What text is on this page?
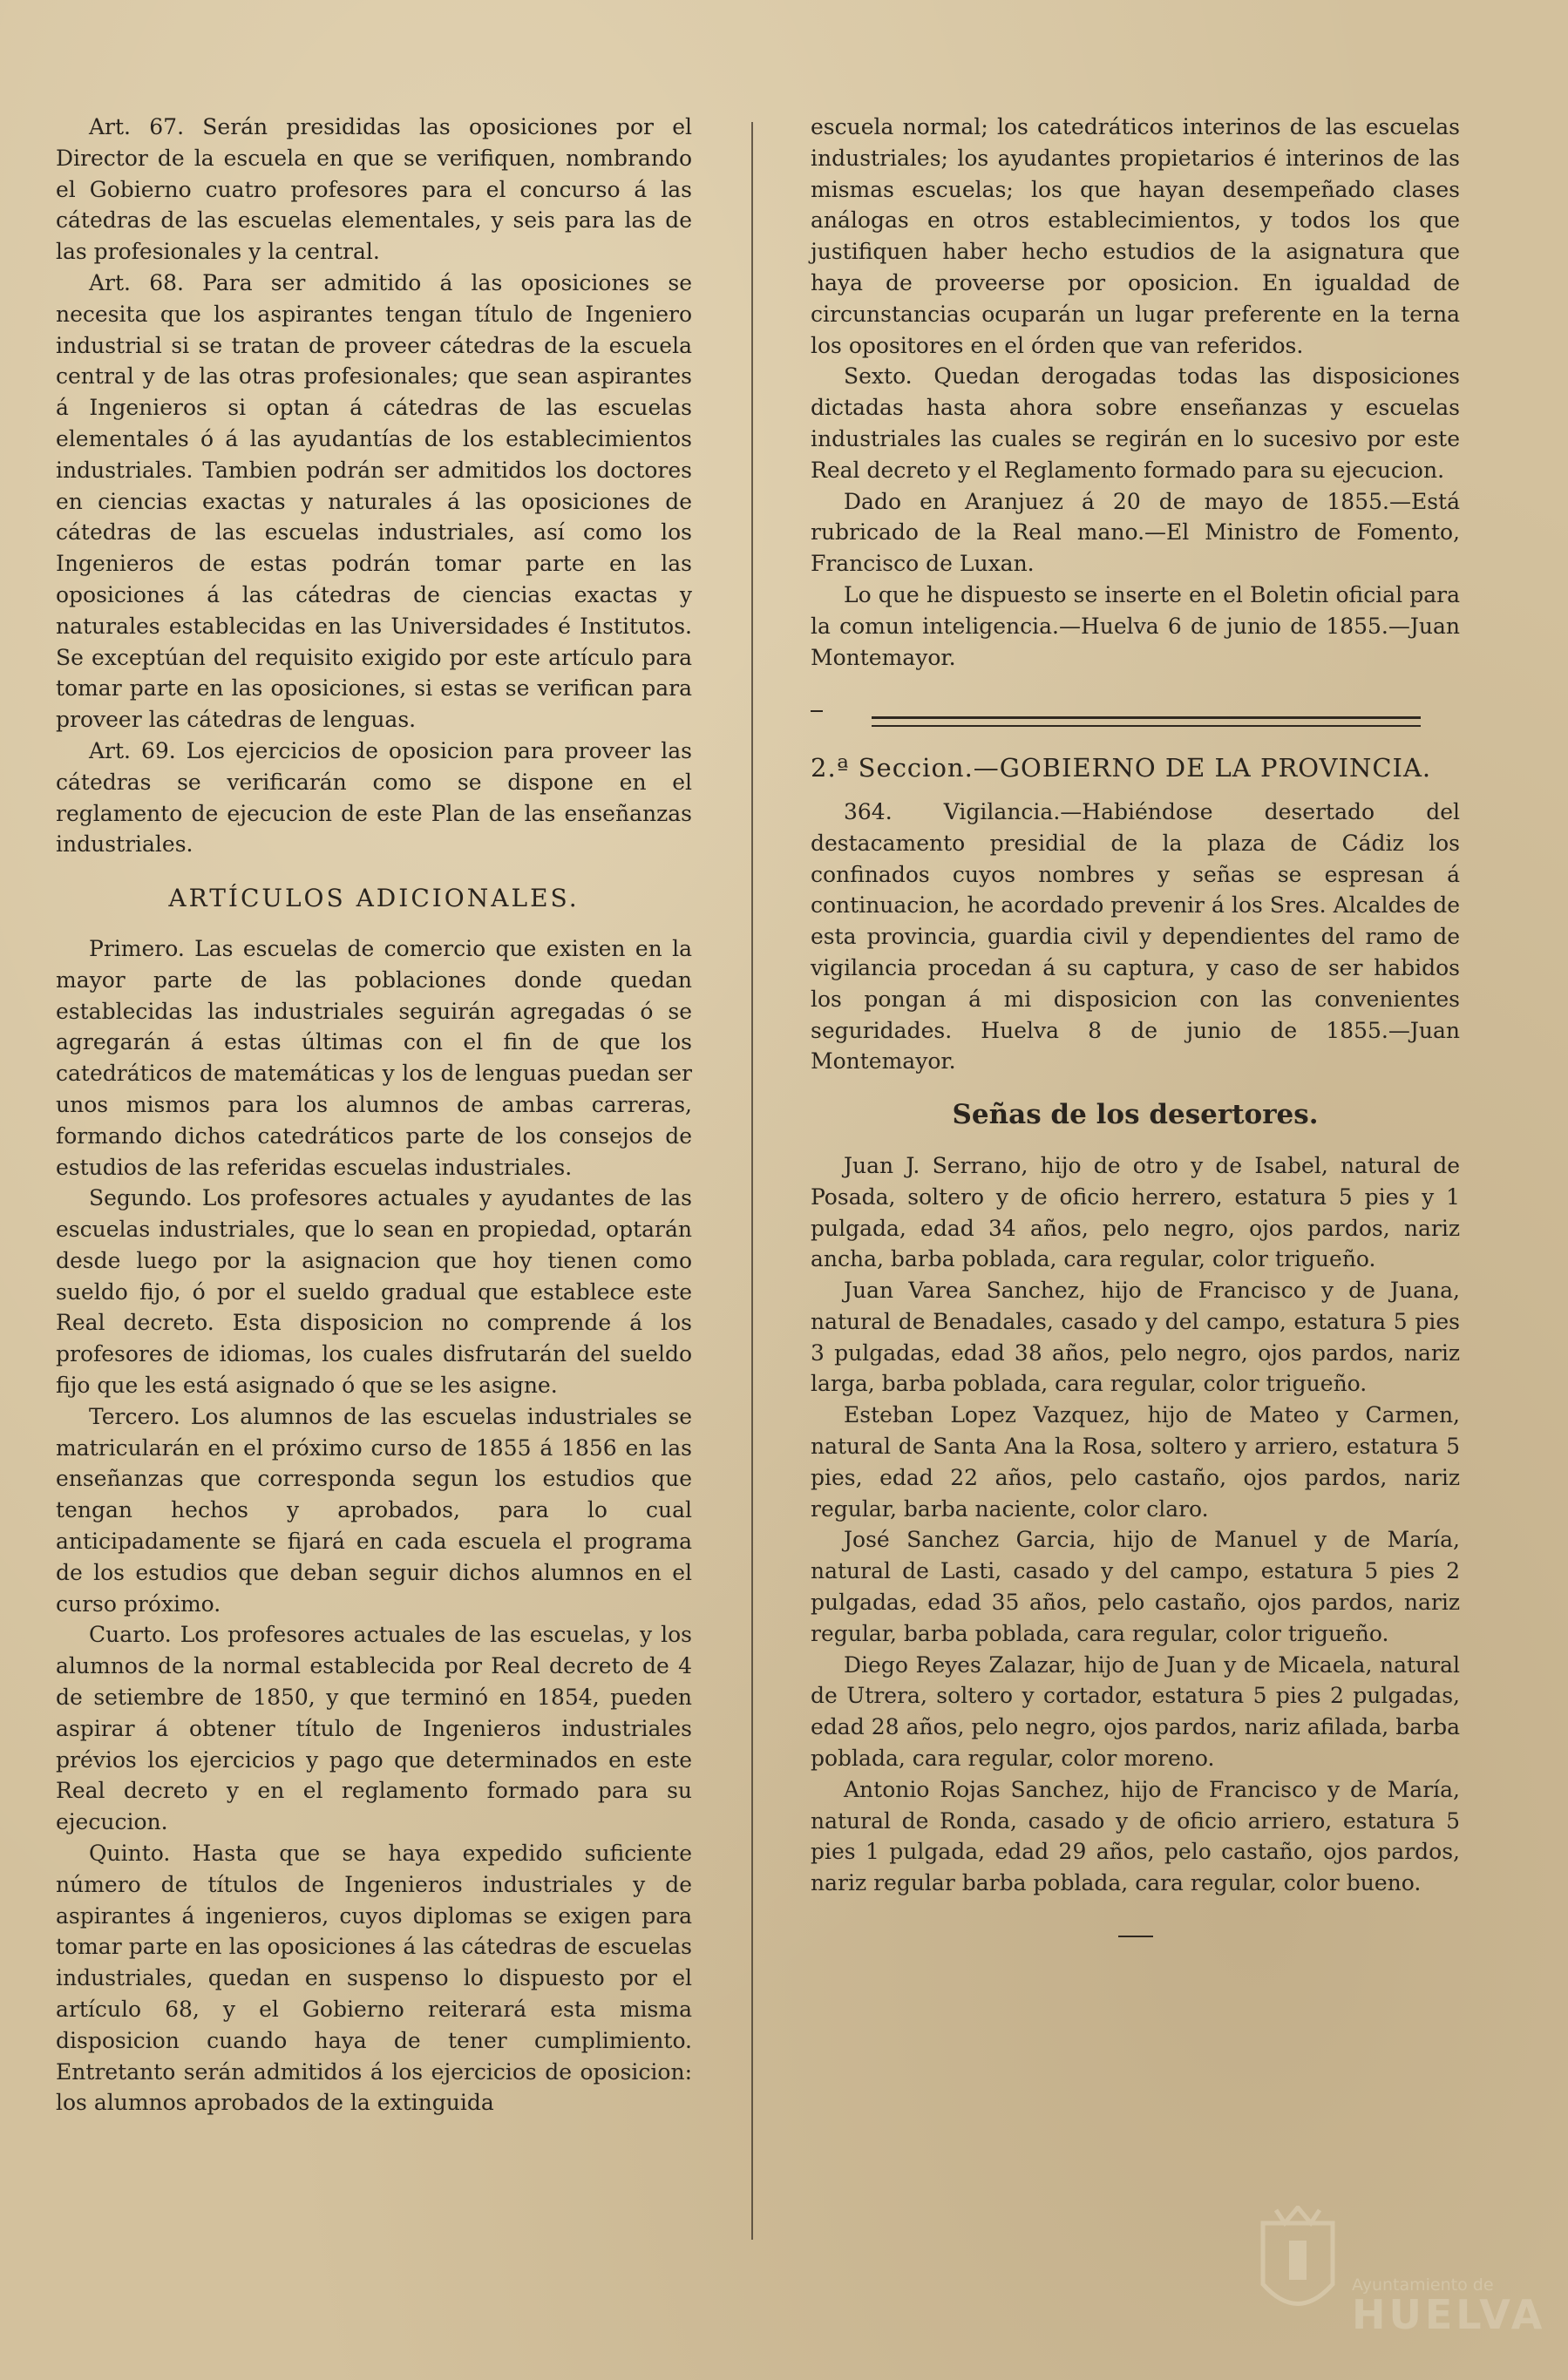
Art. 67. Serán presididas las oposiciones por el Director de la escuela en que se verifiquen, nombrando el Gobierno cuatro profesores para el concurso á las cátedras de las escuelas elementales, y seis para las de las profesionales y la central.

Art. 68. Para ser admitido á las oposiciones se necesita que los aspirantes tengan título de Ingeniero industrial si se tratan de proveer cátedras de la escuela central y de las otras profesionales; que sean aspirantes á Ingenieros si optan á cátedras de las escuelas elementales ó á las ayudantías de los establecimientos industriales. Tambien podrán ser admitidos los doctores en ciencias exactas y naturales á las oposiciones de cátedras de las escuelas industriales, así como los Ingenieros de estas podrán tomar parte en las oposiciones á las cátedras de ciencias exactas y naturales establecidas en las Universidades é Institutos. Se exceptúan del requisito exigido por este artículo para tomar parte en las oposiciones, si estas se verifican para proveer las cátedras de lenguas.

Art. 69. Los ejercicios de oposicion para proveer las cátedras se verificarán como se dispone en el reglamento de ejecucion de este Plan de las enseñanzas industriales.

ARTÍCULOS ADICIONALES.

Primero. Las escuelas de comercio que existen en la mayor parte de las poblaciones donde quedan establecidas las industriales seguirán agregadas ó se agregarán á estas últimas con el fin de que los catedráticos de matemáticas y los de lenguas puedan ser unos mismos para los alumnos de ambas carreras, formando dichos catedráticos parte de los consejos de estudios de las referidas escuelas industriales.

Segundo. Los profesores actuales y ayudantes de las escuelas industriales, que lo sean en propiedad, optarán desde luego por la asignacion que hoy tienen como sueldo fijo, ó por el sueldo gradual que establece este Real decreto. Esta disposicion no comprende á los profesores de idiomas, los cuales disfrutarán del sueldo fijo que les está asignado ó que se les asigne.

Tercero. Los alumnos de las escuelas industriales se matricularán en el próximo curso de 1855 á 1856 en las enseñanzas que corresponda segun los estudios que tengan hechos y aprobados, para lo cual anticipadamente se fijará en cada escuela el programa de los estudios que deban seguir dichos alumnos en el curso próximo.

Cuarto. Los profesores actuales de las escuelas, y los alumnos de la normal establecida por Real decreto de 4 de setiembre de 1850, y que terminó en 1854, pueden aspirar á obtener título de Ingenieros industriales prévios los ejercicios y pago que determinados en este Real decreto y en el reglamento formado para su ejecucion.

Quinto. Hasta que se haya expedido suficiente número de títulos de Ingenieros industriales y de aspirantes á ingenieros, cuyos diplomas se exigen para tomar parte en las oposiciones á las cátedras de escuelas industriales, quedan en suspenso lo dispuesto por el artículo 68, y el Gobierno reiterará esta misma disposicion cuando haya de tener cumplimiento. Entretanto serán admitidos á los ejercicios de oposicion: los alumnos aprobados de la extinguida

escuela normal; los catedráticos interinos de las escuelas industriales; los ayudantes propietarios é interinos de las mismas escuelas; los que hayan desempeñado clases análogas en otros establecimientos, y todos los que justifiquen haber hecho estudios de la asignatura que haya de proveerse por oposicion. En igualdad de circunstancias ocuparán un lugar preferente en la terna los opositores en el órden que van referidos.

Sexto. Quedan derogadas todas las disposiciones dictadas hasta ahora sobre enseñanzas y escuelas industriales las cuales se regirán en lo sucesivo por este Real decreto y el Reglamento formado para su ejecucion.

Dado en Aranjuez á 20 de mayo de 1855.—Está rubricado de la Real mano.—El Ministro de Fomento, Francisco de Luxan.

Lo que he dispuesto se inserte en el Boletin oficial para la comun inteligencia.—Huelva 6 de junio de 1855.—Juan Montemayor.

2.ª Seccion.—GOBIERNO DE LA PROVINCIA.

364. Vigilancia.—Habiéndose desertado del destacamento presidial de la plaza de Cádiz los confinados cuyos nombres y señas se espresan á continuacion, he acordado prevenir á los Sres. Alcaldes de esta provincia, guardia civil y dependientes del ramo de vigilancia procedan á su captura, y caso de ser habidos los pongan á mi disposicion con las convenientes seguridades. Huelva 8 de junio de 1855.—Juan Montemayor.

Señas de los desertores.

Juan J. Serrano, hijo de otro y de Isabel, natural de Posada, soltero y de oficio herrero, estatura 5 pies y 1 pulgada, edad 34 años, pelo negro, ojos pardos, nariz ancha, barba poblada, cara regular, color trigueño.

Juan Varea Sanchez, hijo de Francisco y de Juana, natural de Benadales, casado y del campo, estatura 5 pies 3 pulgadas, edad 38 años, pelo negro, ojos pardos, nariz larga, barba poblada, cara regular, color trigueño.

Esteban Lopez Vazquez, hijo de Mateo y Carmen, natural de Santa Ana la Rosa, soltero y arriero, estatura 5 pies, edad 22 años, pelo castaño, ojos pardos, nariz regular, barba naciente, color claro.

José Sanchez Garcia, hijo de Manuel y de María, natural de Lasti, casado y del campo, estatura 5 pies 2 pulgadas, edad 35 años, pelo castaño, ojos pardos, nariz regular, barba poblada, cara regular, color trigueño.

Diego Reyes Zalazar, hijo de Juan y de Micaela, natural de Utrera, soltero y cortador, estatura 5 pies 2 pulgadas, edad 28 años, pelo negro, ojos pardos, nariz afilada, barba poblada, cara regular, color moreno.

Antonio Rojas Sanchez, hijo de Francisco y de María, natural de Ronda, casado y de oficio arriero, estatura 5 pies 1 pulgada, edad 29 años, pelo castaño, ojos pardos, nariz regular barba poblada, cara regular, color bueno.

Ayuntamiento de
HUELVA
